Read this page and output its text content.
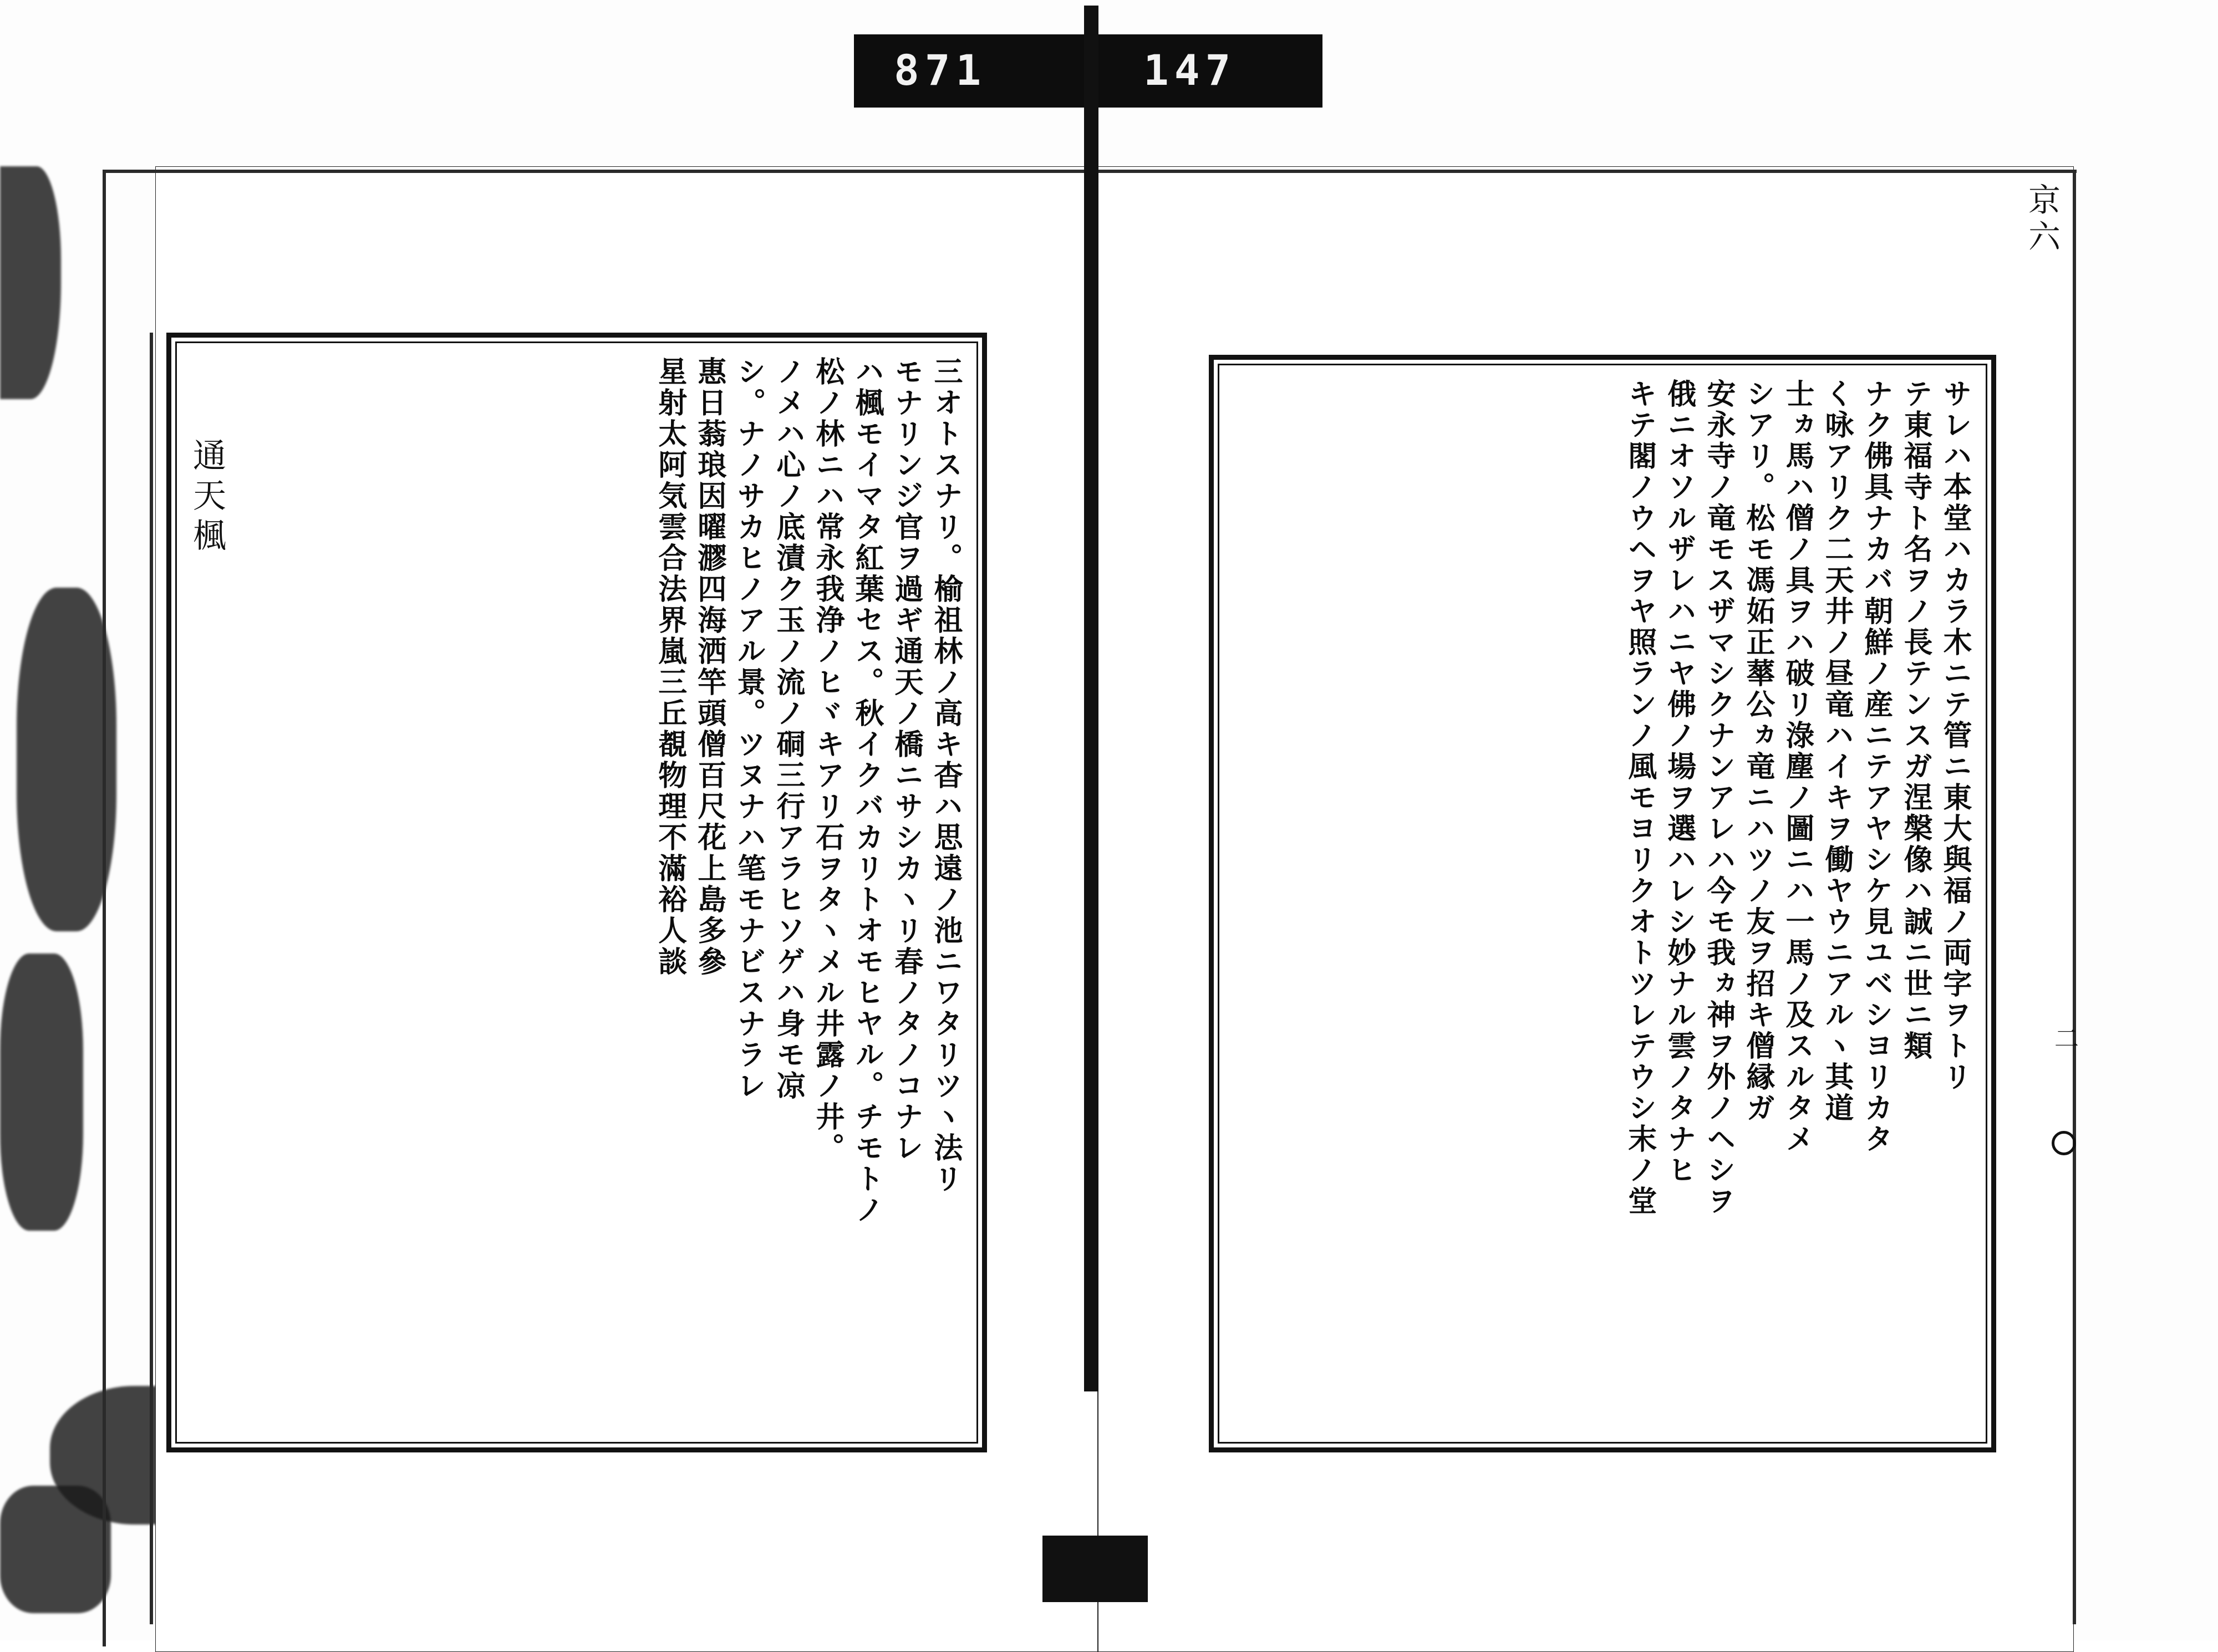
871	147
三オトスナリ。榆祖林ノ高キ杳ハ思遠ノ池ニワタリツヽ法リ
モナリンジ官ヲ過ギ通天ノ橋ニサシカヽリ春ノタノコナレ
ハ楓モイマタ紅葉セス。秋イクバカリトオモヒヤル。チモトノ
松ノ林ニハ常永我浄ノヒヾキアリ石ヲタヽメル井露ノ井。
ノメハ心ノ底漬ク玉ノ流ノ硐三行アラヒソゲハ身モ凉
シ。ナノサカヒノアル景。ツヌナハ笔モナビスナラレ
惠日蓊琅因曜㶀四海洒竿頭僧百尺花上島多參
星射太阿気雲合法界嵐三丘覩物理不滿裕人談
通天楓	サレハ本堂ハカラ木ニテ管ニ東大與福ノ両字ヲトリ
テ東福寺ト名ヲノ長テンスガ涅槃像ハ誠ニ世ニ類
ナク佛具ナカバ朝鮮ノ産ニテアヤシケ見ユベシヨリカタ
く咏アリク二天井ノ昼竜ハイキヲ働ヤウニアルヽ其道
士ヵ馬ハ僧ノ具ヲハ破リ淥塵ノ圖ニハ一馬ノ及スルタメ
シアリ。松モ馮妬正蕐公ヵ竜ニハツノ友ヲ招キ僧縁ガ
安永寺ノ竜モスザマシクナンアレハ今モ我ヵ神ヲ外ノヘシヲ
俄ニオソルザレハニヤ佛ノ場ヲ選ハレシ妙ナル雲ノタナヒ
キテ閣ノウヘヲヤ照ランノ風モヨリクオトツレテウシ末ノ堂
京六
二
